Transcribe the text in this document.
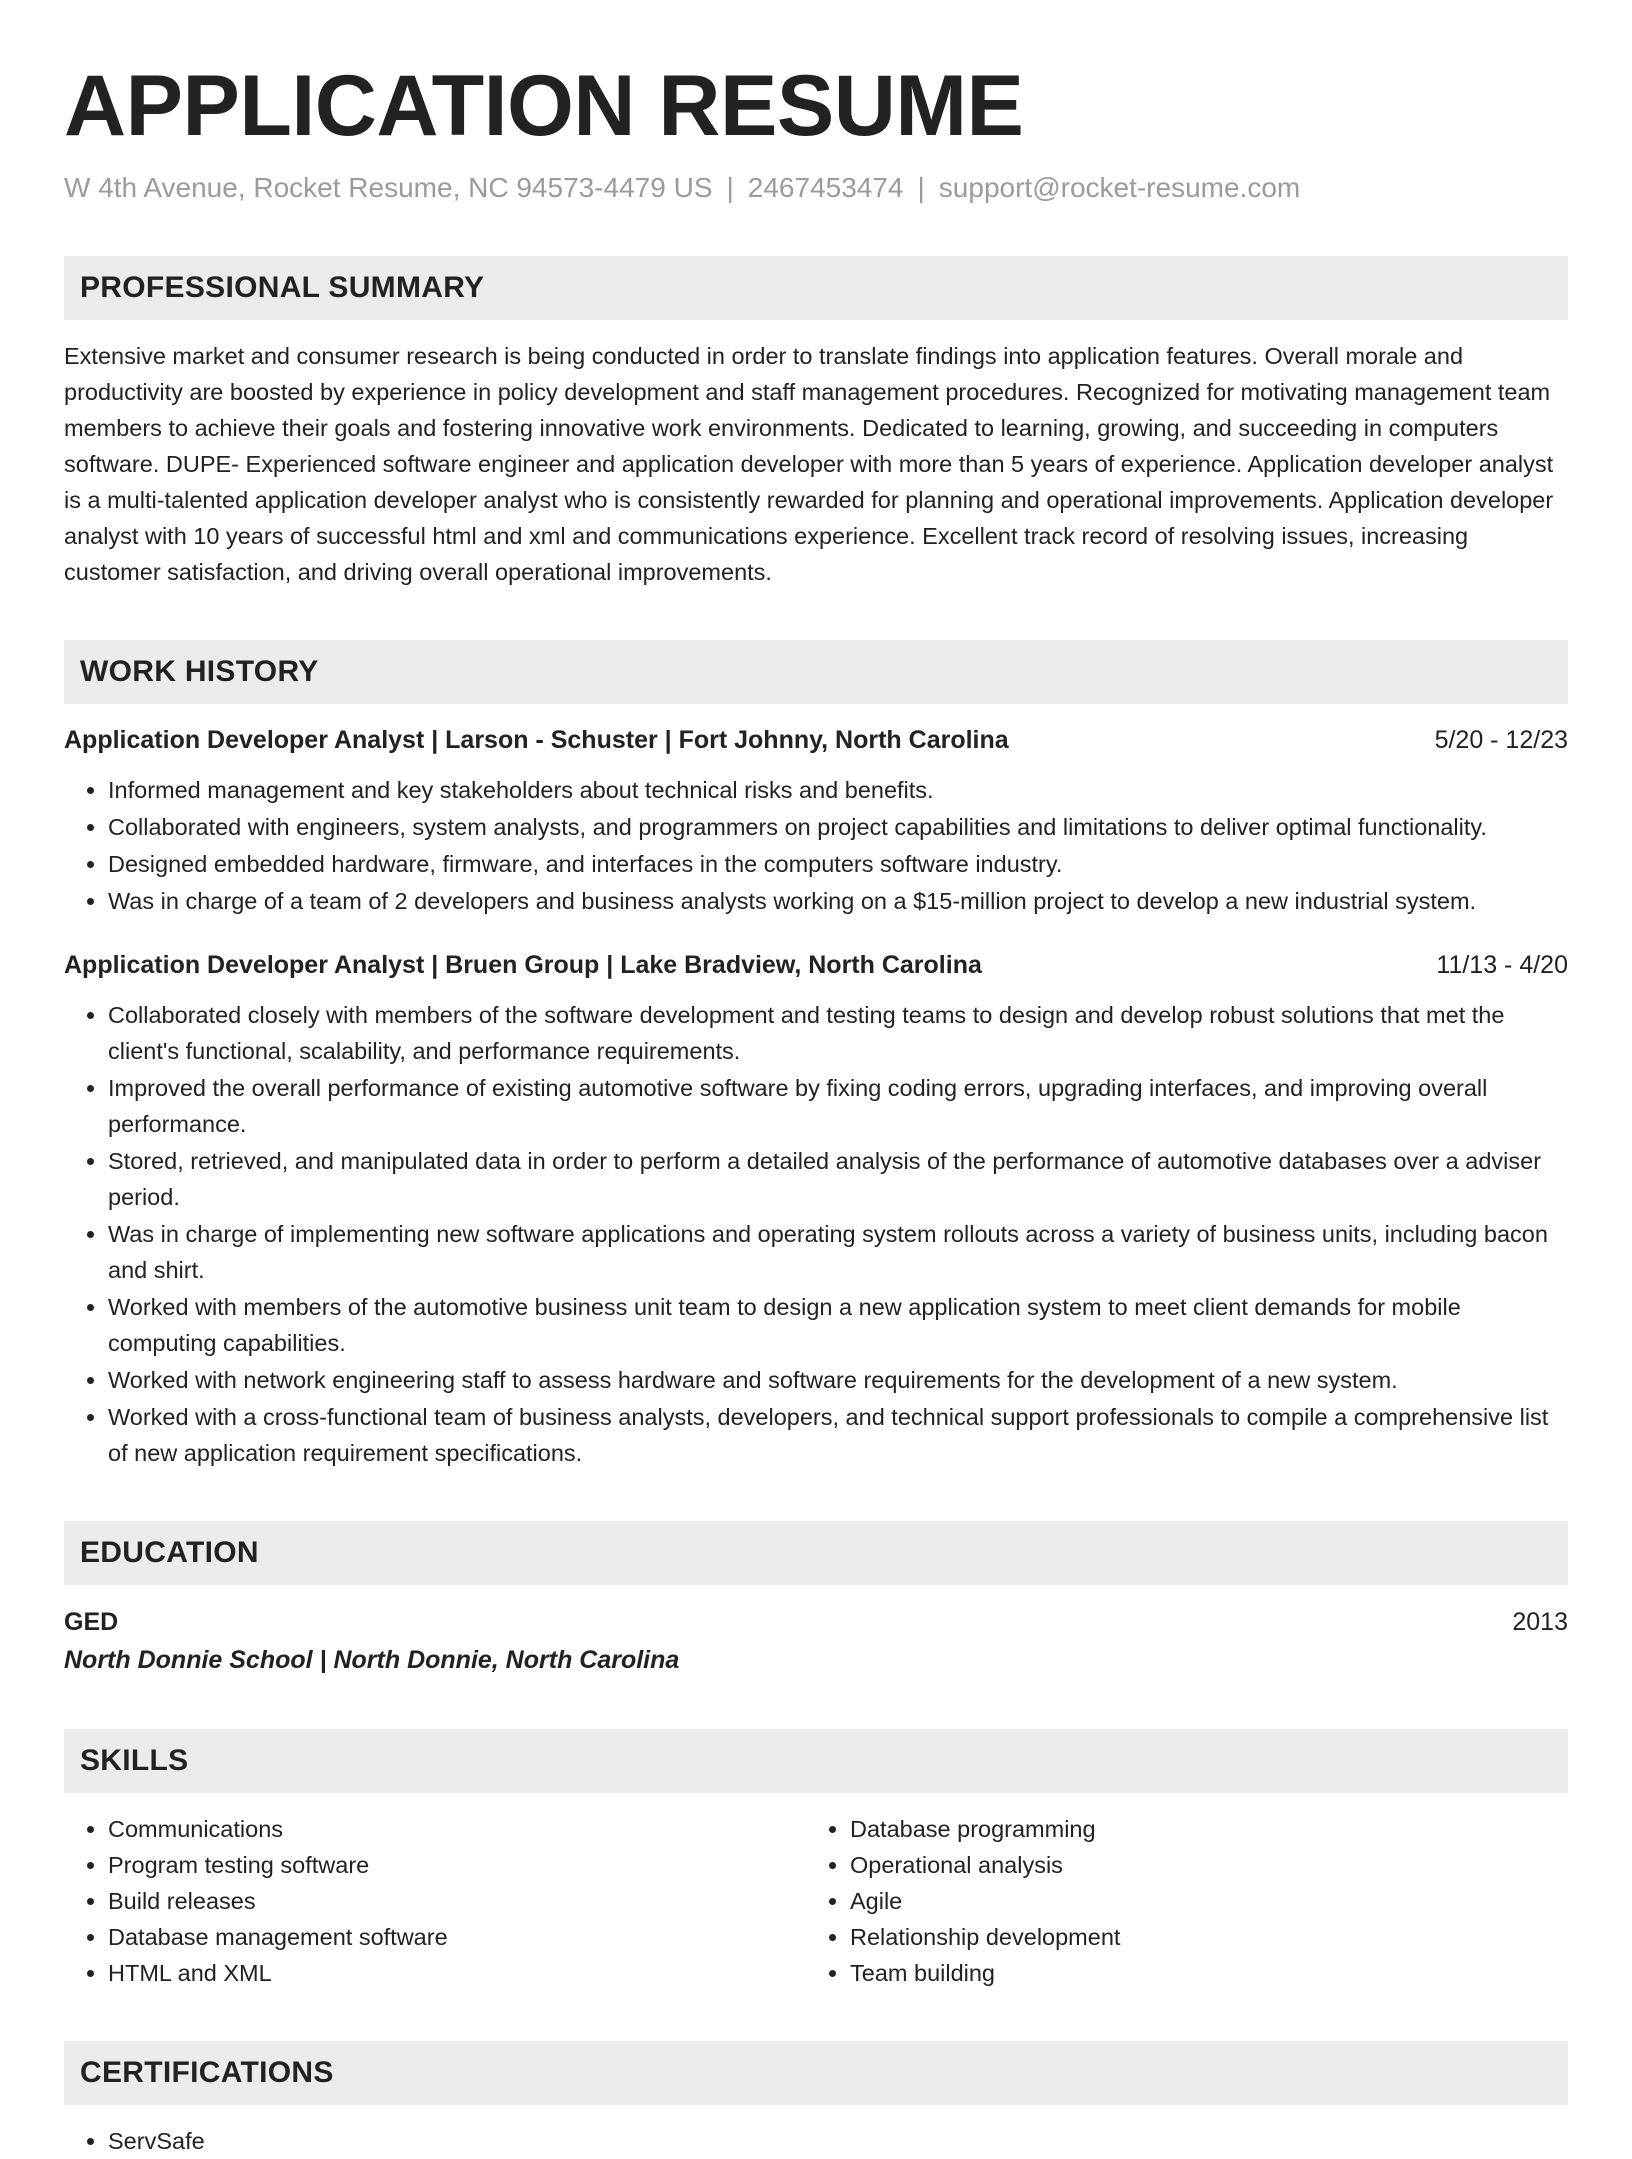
APPLICATION RESUME
W 4th Avenue, Rocket Resume, NC 94573-4479 US | 2467453474 | support@rocket-resume.com
PROFESSIONAL SUMMARY
Extensive market and consumer research is being conducted in order to translate findings into application features. Overall morale and productivity are boosted by experience in policy development and staff management procedures. Recognized for motivating management team members to achieve their goals and fostering innovative work environments. Dedicated to learning, growing, and succeeding in computers software. DUPE- Experienced software engineer and application developer with more than 5 years of experience. Application developer analyst is a multi-talented application developer analyst who is consistently rewarded for planning and operational improvements. Application developer analyst with 10 years of successful html and xml and communications experience. Excellent track record of resolving issues, increasing customer satisfaction, and driving overall operational improvements.
WORK HISTORY
Application Developer Analyst | Larson - Schuster | Fort Johnny, North Carolina	5/20 - 12/23
• Informed management and key stakeholders about technical risks and benefits.
• Collaborated with engineers, system analysts, and programmers on project capabilities and limitations to deliver optimal functionality.
• Designed embedded hardware, firmware, and interfaces in the computers software industry.
• Was in charge of a team of 2 developers and business analysts working on a $15-million project to develop a new industrial system.
Application Developer Analyst | Bruen Group | Lake Bradview, North Carolina	11/13 - 4/20
• Collaborated closely with members of the software development and testing teams to design and develop robust solutions that met the client's functional, scalability, and performance requirements.
• Improved the overall performance of existing automotive software by fixing coding errors, upgrading interfaces, and improving overall performance.
• Stored, retrieved, and manipulated data in order to perform a detailed analysis of the performance of automotive databases over a adviser period.
• Was in charge of implementing new software applications and operating system rollouts across a variety of business units, including bacon and shirt.
• Worked with members of the automotive business unit team to design a new application system to meet client demands for mobile computing capabilities.
• Worked with network engineering staff to assess hardware and software requirements for the development of a new system.
• Worked with a cross-functional team of business analysts, developers, and technical support professionals to compile a comprehensive list of new application requirement specifications.
EDUCATION
GED	2013
North Donnie School | North Donnie, North Carolina
SKILLS
• Communications
• Program testing software
• Build releases
• Database management software
• HTML and XML
• Database programming
• Operational analysis
• Agile
• Relationship development
• Team building
CERTIFICATIONS
• ServSafe
